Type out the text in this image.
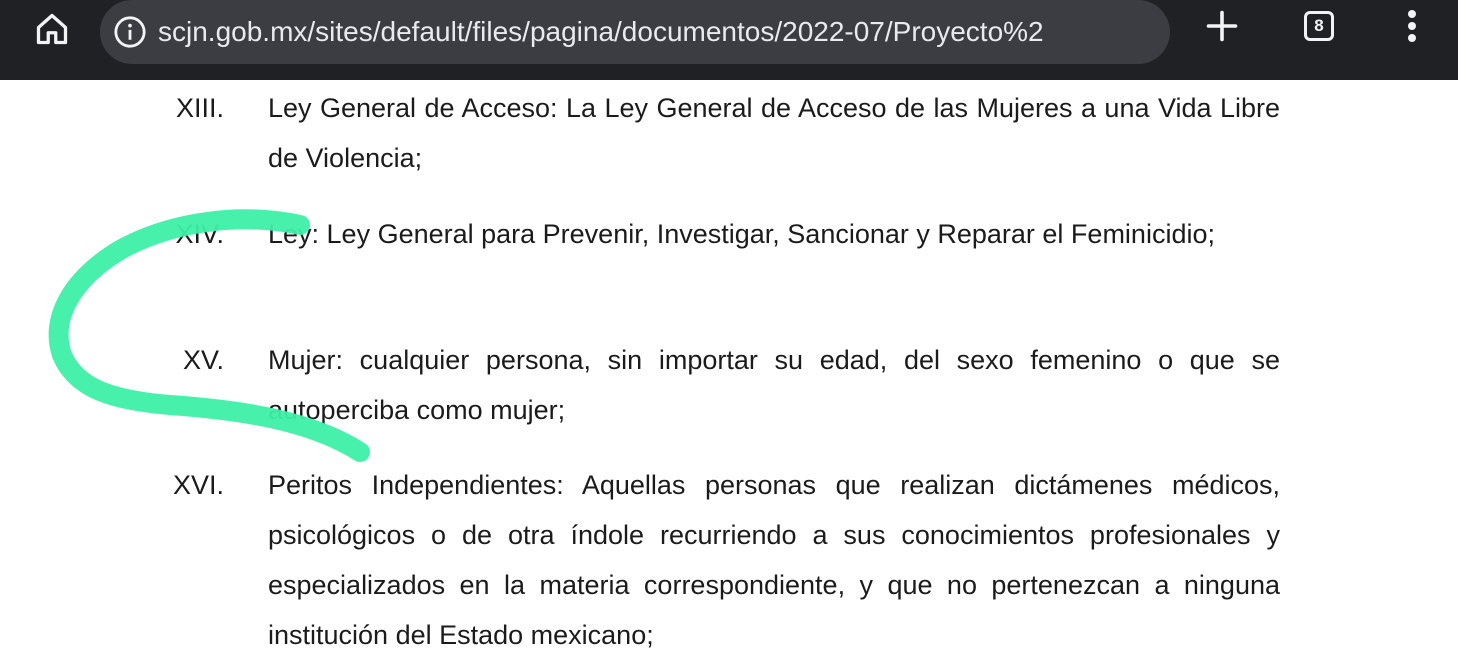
scjn.gob.mx/sites/default/files/pagina/documentos/2022-07/Proyecto%2	8
XIII. Ley General de Acceso: La Ley General de Acceso de las Mujeres a una Vida Libre de Violencia;
XIV. Ley: Ley General para Prevenir, Investigar, Sancionar y Reparar el Feminicidio;
XV. Mujer: cualquier persona, sin importar su edad, del sexo femenino o que se autoperciba como mujer;
XVI. Peritos Independientes: Aquellas personas que realizan dictámenes médicos, psicológicos o de otra índole recurriendo a sus conocimientos profesionales y especializados en la materia correspondiente, y que no pertenezcan a ninguna institución del Estado mexicano;
